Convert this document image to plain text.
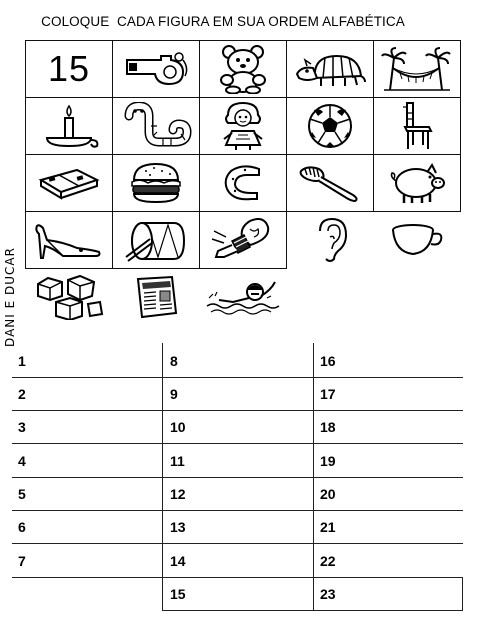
COLOQUE  CADA FIGURA EM SUA ORDEM ALFABÉTICA
15
DANI E DUCAR
1
2
3
4
5
6
7
8
9
10
11
12
13
14
15
16
17
18
19
20
21
22
23
